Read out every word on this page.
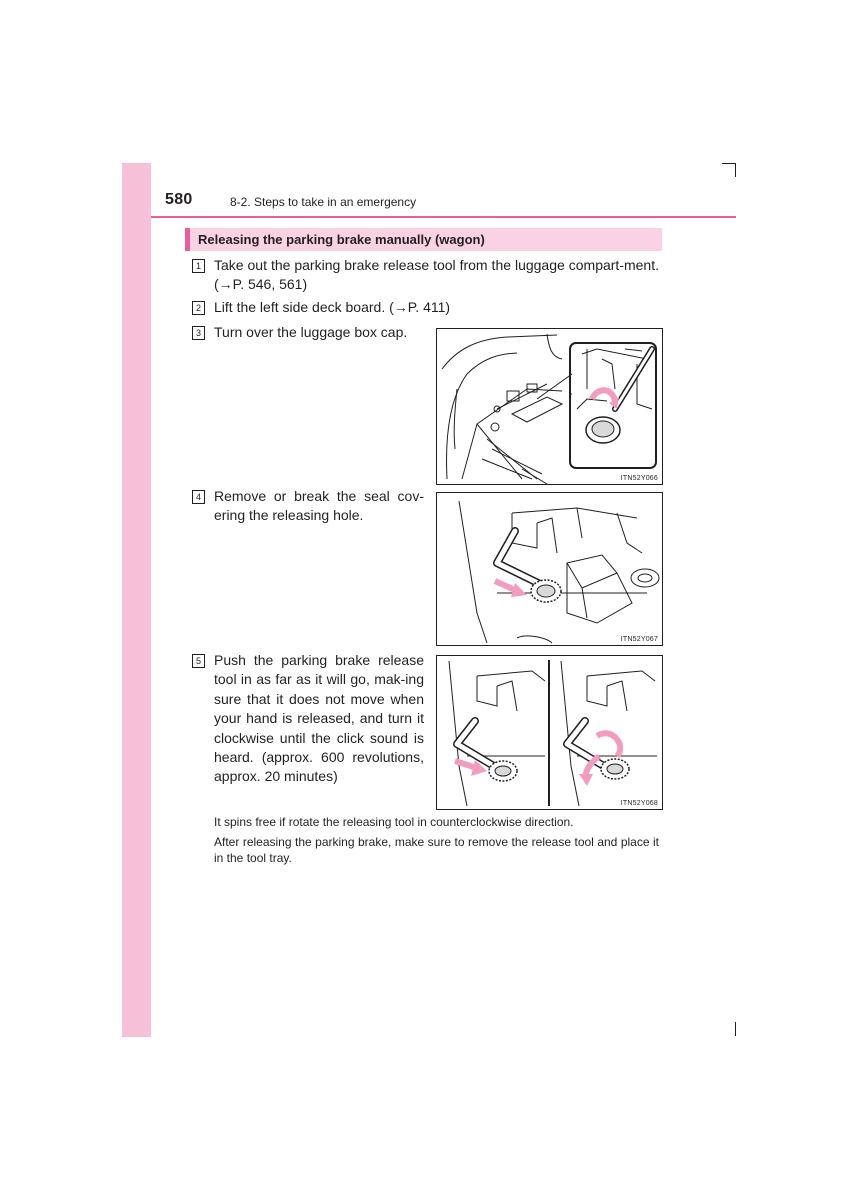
580	8-2. Steps to take in an emergency
Releasing the parking brake manually (wagon)
1 Take out the parking brake release tool from the luggage compart-ment. (→P. 546, 561)
2 Lift the left side deck board. (→P. 411)
3 Turn over the luggage box cap.
ITN52Y066
4 Remove or break the seal cov-ering the releasing hole.
ITN52Y067
5 Push the parking brake release tool in as far as it will go, mak-ing sure that it does not move when your hand is released, and turn it clockwise until the click sound is heard. (approx. 600 revolutions, approx. 20 minutes)
ITN52Y068
It spins free if rotate the releasing tool in counterclockwise direction.
After releasing the parking brake, make sure to remove the release tool and place it in the tool tray.
